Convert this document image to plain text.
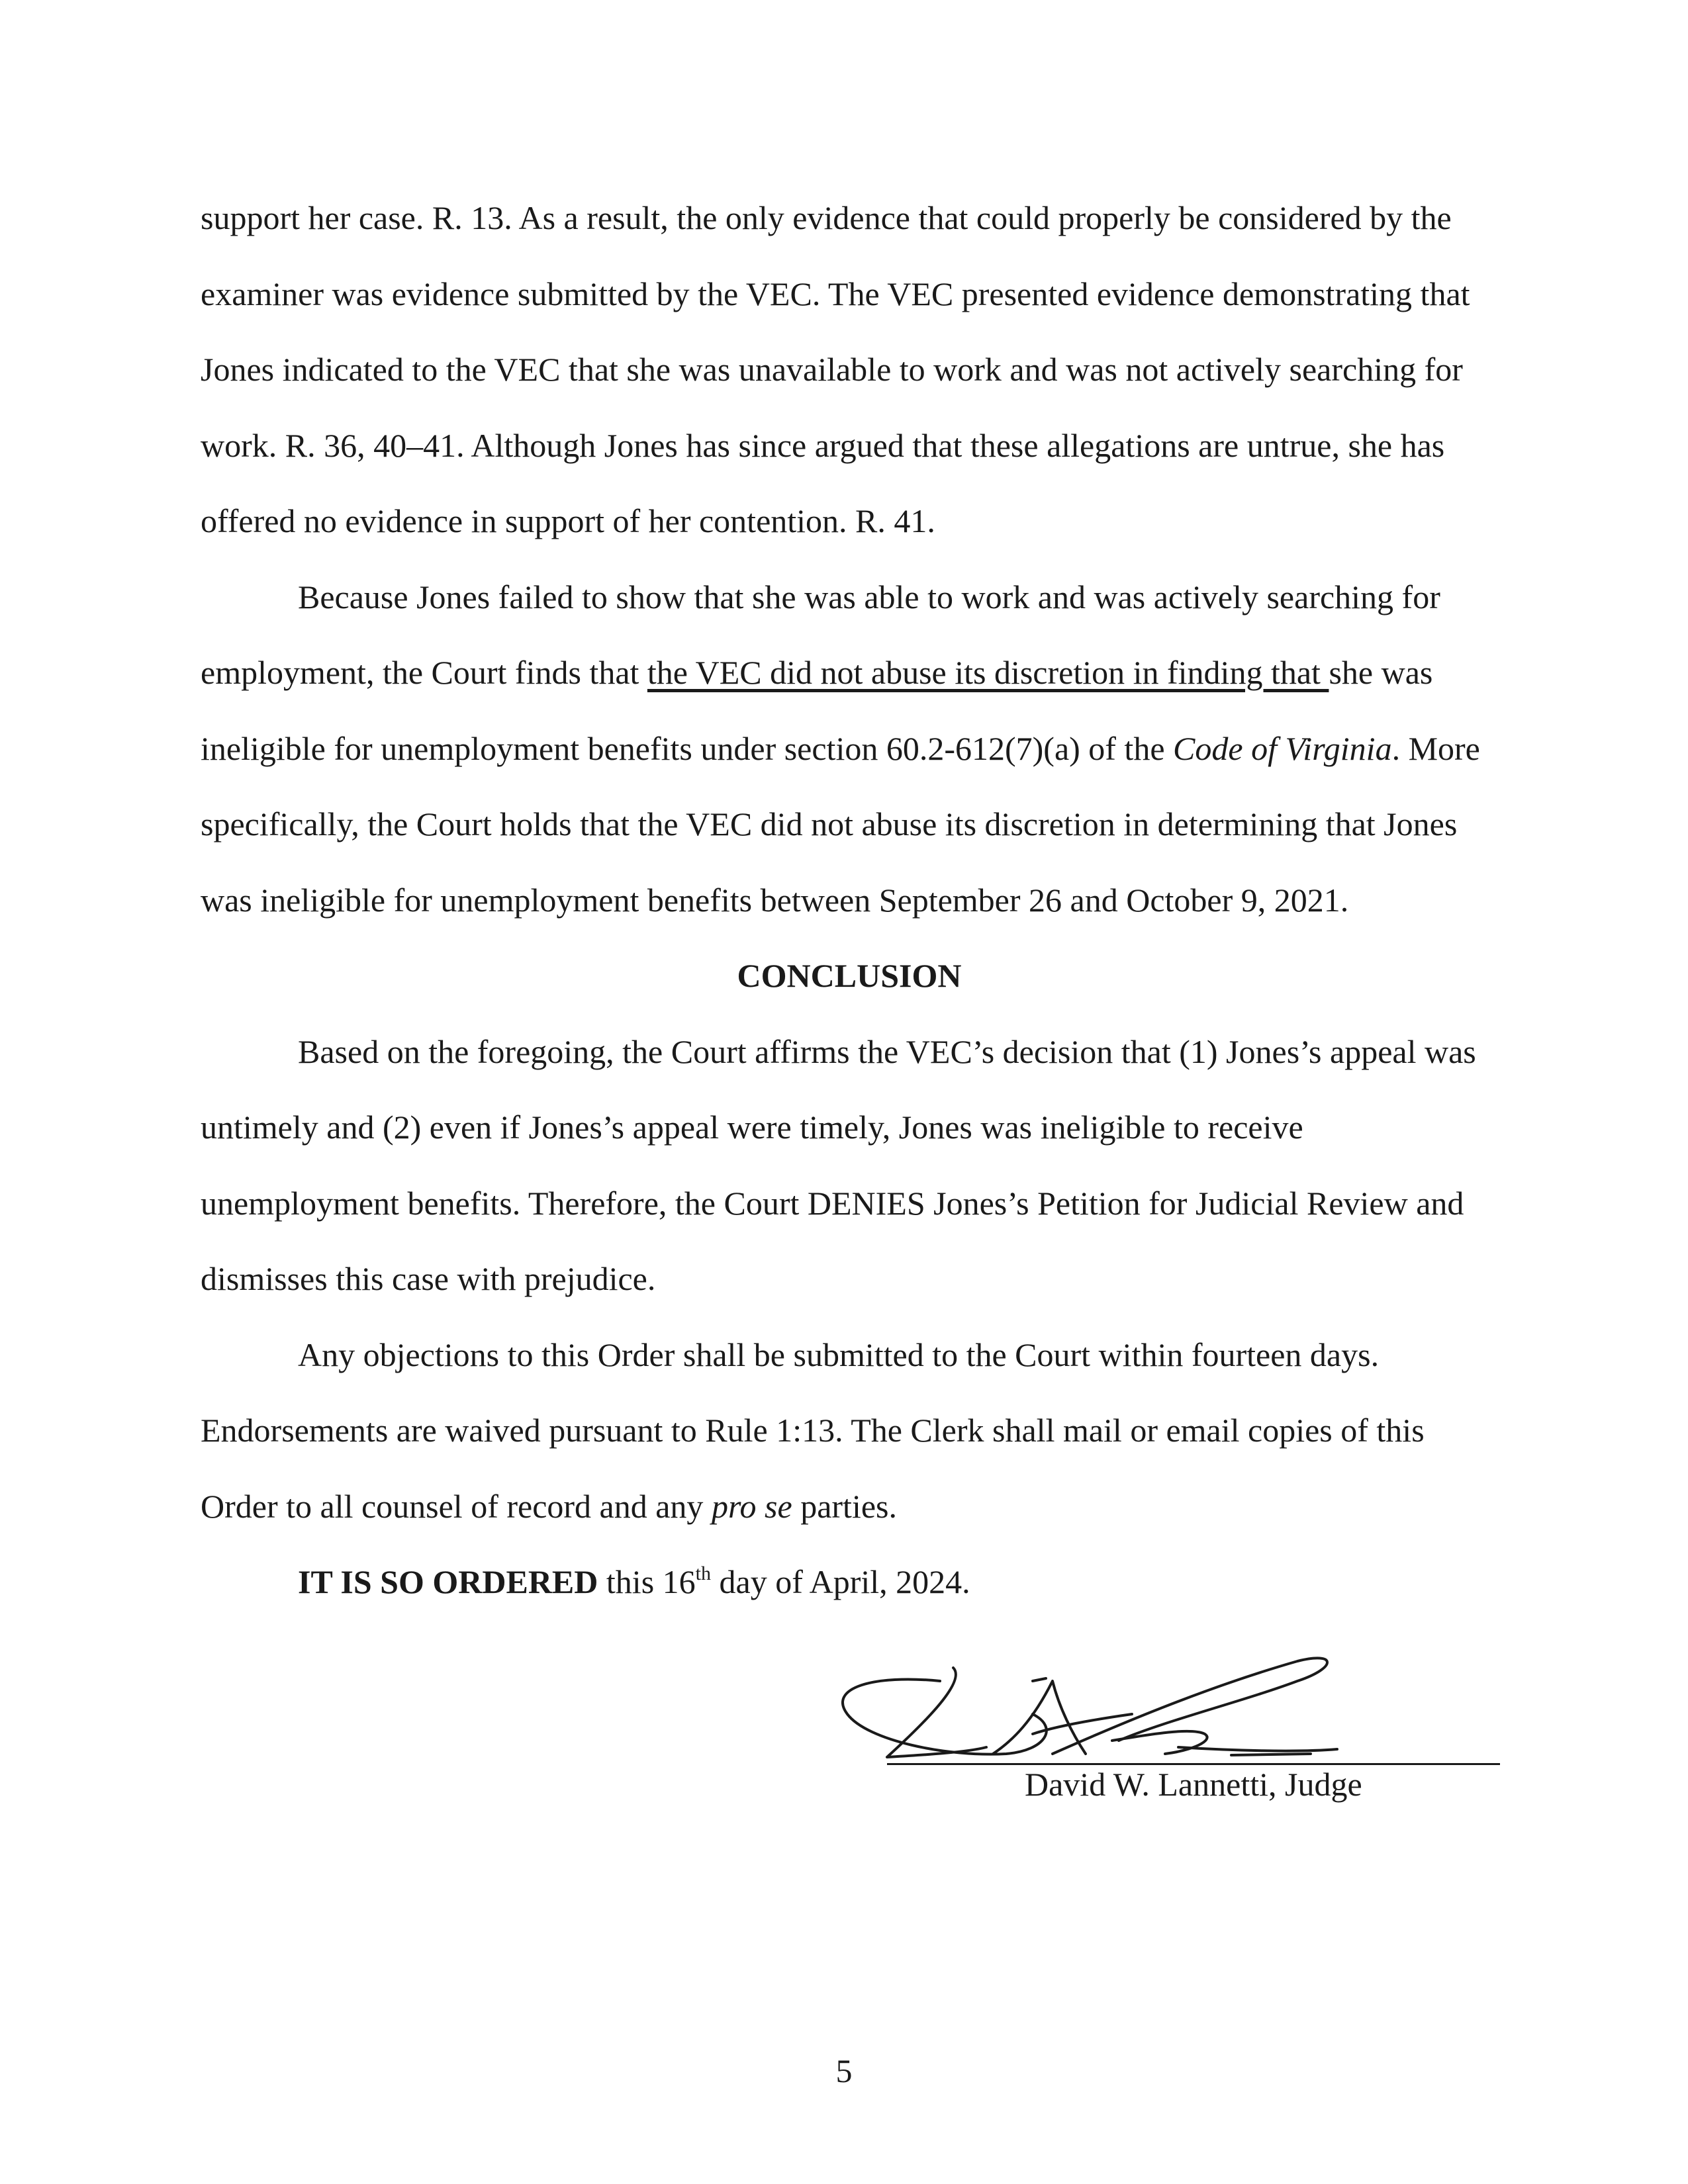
support her case. R. 13. As a result, the only evidence that could properly be considered by the examiner was evidence submitted by the VEC. The VEC presented evidence demonstrating that Jones indicated to the VEC that she was unavailable to work and was not actively searching for work. R. 36, 40–41. Although Jones has since argued that these allegations are untrue, she has offered no evidence in support of her contention. R. 41.

Because Jones failed to show that she was able to work and was actively searching for employment, the Court finds that the VEC did not abuse its discretion in finding that she was ineligible for unemployment benefits under section 60.2-612(7)(a) of the Code of Virginia. More specifically, the Court holds that the VEC did not abuse its discretion in determining that Jones was ineligible for unemployment benefits between September 26 and October 9, 2021.

CONCLUSION

Based on the foregoing, the Court affirms the VEC’s decision that (1) Jones’s appeal was untimely and (2) even if Jones’s appeal were timely, Jones was ineligible to receive unemployment benefits. Therefore, the Court DENIES Jones’s Petition for Judicial Review and dismisses this case with prejudice.

Any objections to this Order shall be submitted to the Court within fourteen days. Endorsements are waived pursuant to Rule 1:13. The Clerk shall mail or email copies of this Order to all counsel of record and any pro se parties.

IT IS SO ORDERED this 16th day of April, 2024.

David W. Lannetti, Judge
5
